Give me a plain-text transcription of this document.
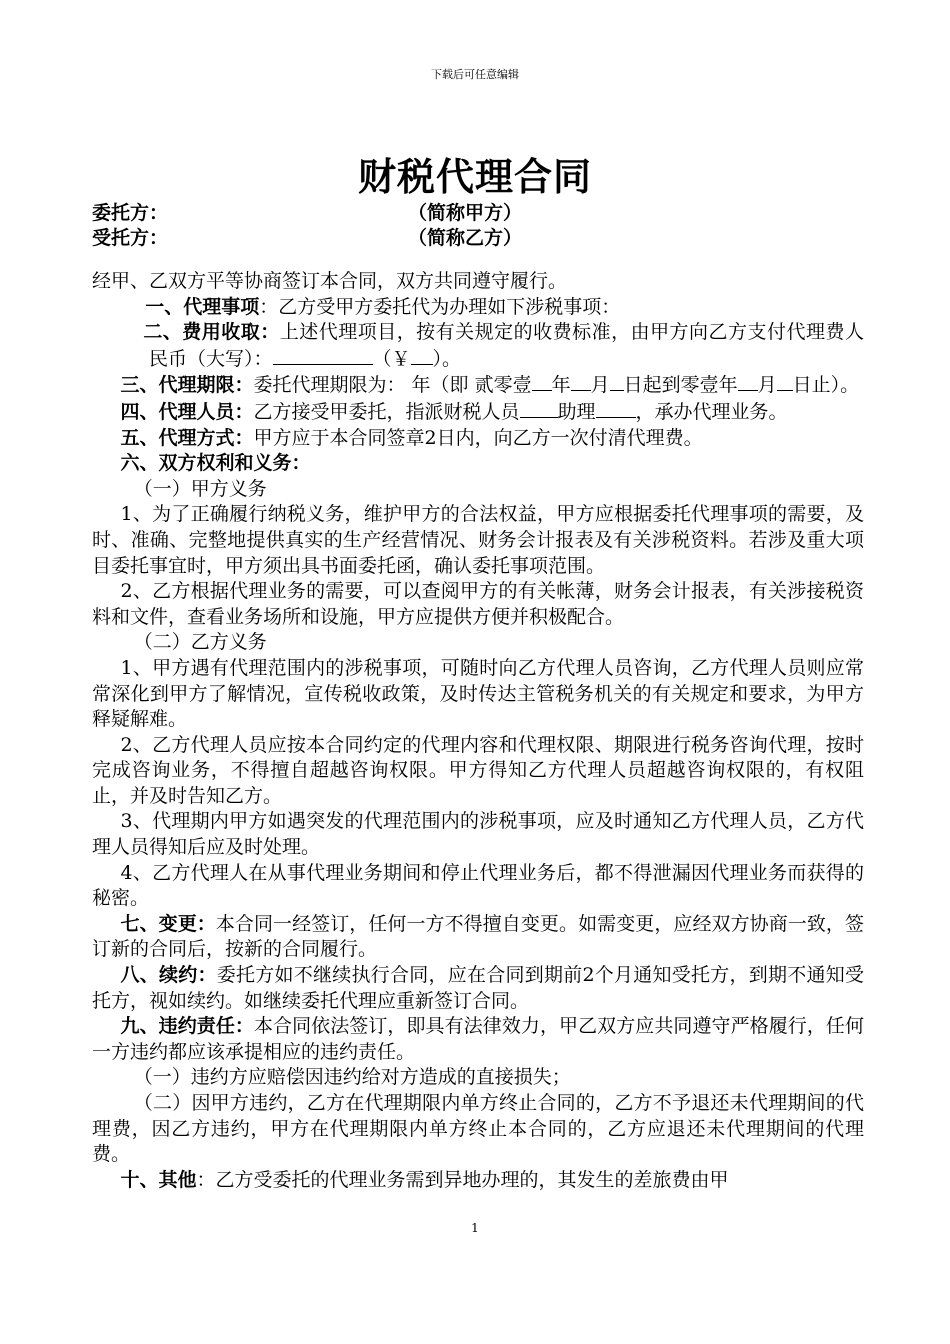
下载后可任意编辑
财税代理合同
委托方：	（简称甲方）
受托方：	（简称乙方）

经甲、乙双方平等协商签订本合同，双方共同遵守履行。

一、代理事项：乙方受甲方委托代为办理如下涉税事项：

二、费用收取：上述代理项目，按有关规定的收费标准，由甲方向乙方支付代理费人民币（大写）：	（￥ ）。

三、代理期限：委托代理期限为： 年（即 贰零壹 年 月 日起到零壹年 月 日止）。

四、代理人员：乙方接受甲委托，指派财税人员 助理 ，承办代理业务。

五、代理方式：甲方应于本合同签章2日内，向乙方一次付清代理费。

六、双方权利和义务：

（一）甲方义务

1、为了正确履行纳税义务，维护甲方的合法权益，甲方应根据委托代理事项的需要，及时、准确、完整地提供真实的生产经营情况、财务会计报表及有关涉税资料。若涉及重大项目委托事宜时，甲方须出具书面委托函，确认委托事项范围。

2、乙方根据代理业务的需要，可以查阅甲方的有关帐薄，财务会计报表，有关涉接税资料和文件，查看业务场所和设施，甲方应提供方便并积极配合。

（二）乙方义务

1、甲方遇有代理范围内的涉税事项，可随时向乙方代理人员咨询，乙方代理人员则应常常深化到甲方了解情况，宣传税收政策，及时传达主管税务机关的有关规定和要求，为甲方释疑解难。

2、乙方代理人员应按本合同约定的代理内容和代理权限、期限进行税务咨询代理，按时完成咨询业务，不得擅自超越咨询权限。甲方得知乙方代理人员超越咨询权限的，有权阻止，并及时告知乙方。

3、代理期内甲方如遇突发的代理范围内的涉税事项，应及时通知乙方代理人员，乙方代理人员得知后应及时处理。

4、乙方代理人在从事代理业务期间和停止代理业务后，都不得泄漏因代理业务而获得的秘密。

七、变更：本合同一经签订，任何一方不得擅自变更。如需变更，应经双方协商一致，签订新的合同后，按新的合同履行。

八、续约：委托方如不继续执行合同，应在合同到期前2个月通知受托方，到期不通知受托方，视如续约。如继续委托代理应重新签订合同。

九、违约责任：本合同依法签订，即具有法律效力，甲乙双方应共同遵守严格履行，任何一方违约都应该承提相应的违约责任。

（一）违约方应赔偿因违约给对方造成的直接损失；

（二）因甲方违约，乙方在代理期限内单方终止合同的，乙方不予退还未代理期间的代理费，因乙方违约，甲方在代理期限内单方终止本合同的，乙方应退还未代理期间的代理费。

十、其他：乙方受委托的代理业务需到异地办理的，其发生的差旅费由甲

1
